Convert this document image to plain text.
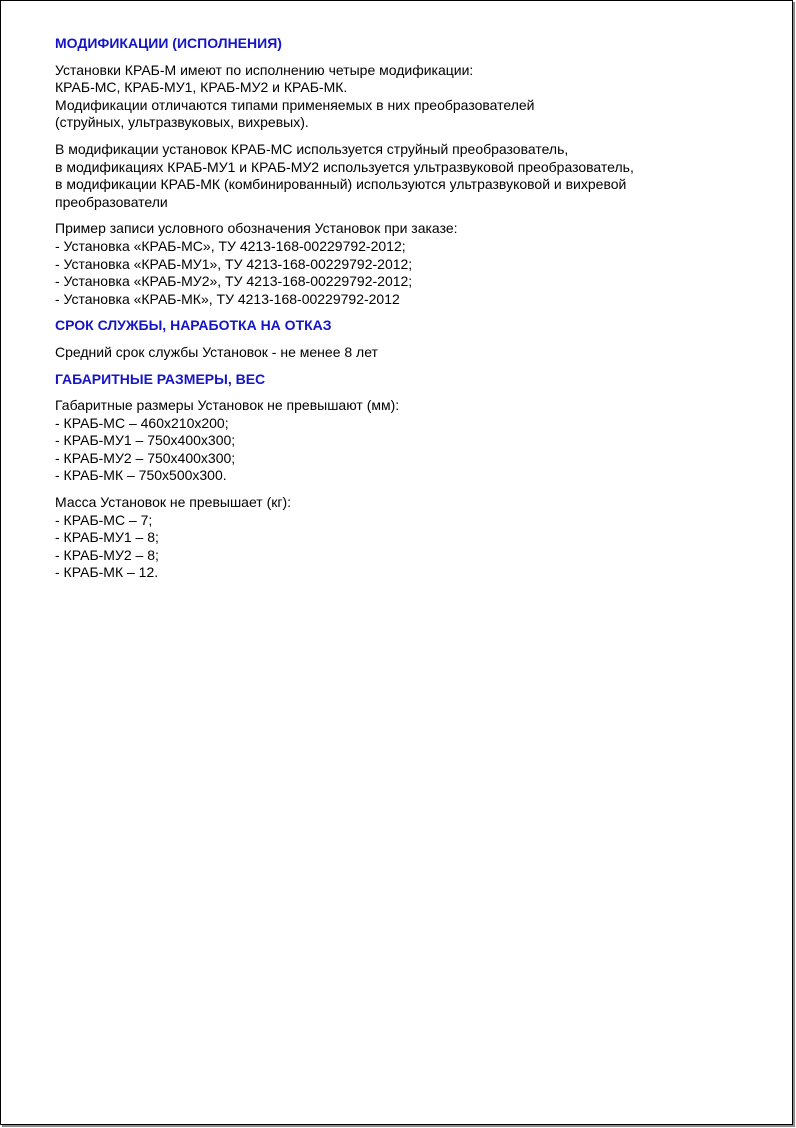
МОДИФИКАЦИИ (ИСПОЛНЕНИЯ)
Установки КРАБ-М имеют по исполнению четыре модификации:
КРАБ-МС, КРАБ-МУ1, КРАБ-МУ2 и КРАБ-МК.
Модификации отличаются типами применяемых в них преобразователей
(струйных, ультразвуковых, вихревых).
В модификации установок КРАБ-МС используется струйный преобразователь,
в модификациях КРАБ-МУ1 и КРАБ-МУ2 используется ультразвуковой преобразователь,
в модификации КРАБ-МК (комбинированный) используются ультразвуковой и вихревой
преобразователи
Пример записи условного обозначения Установок при заказе:
- Установка «КРАБ-МС», ТУ 4213-168-00229792-2012;
- Установка «КРАБ-МУ1», ТУ 4213-168-00229792-2012;
- Установка «КРАБ-МУ2», ТУ 4213-168-00229792-2012;
- Установка «КРАБ-МК», ТУ 4213-168-00229792-2012
СРОК СЛУЖБЫ, НАРАБОТКА НА ОТКАЗ
Средний срок службы Установок - не менее 8 лет
ГАБАРИТНЫЕ РАЗМЕРЫ, ВЕС
Габаритные размеры Установок не превышают (мм):
- КРАБ-МС – 460x210x200;
- КРАБ-МУ1 – 750x400x300;
- КРАБ-МУ2 – 750x400x300;
- КРАБ-МК – 750x500x300.
Масса Установок не превышает (кг):
- КРАБ-МС – 7;
- КРАБ-МУ1 – 8;
- КРАБ-МУ2 – 8;
- КРАБ-МК – 12.
